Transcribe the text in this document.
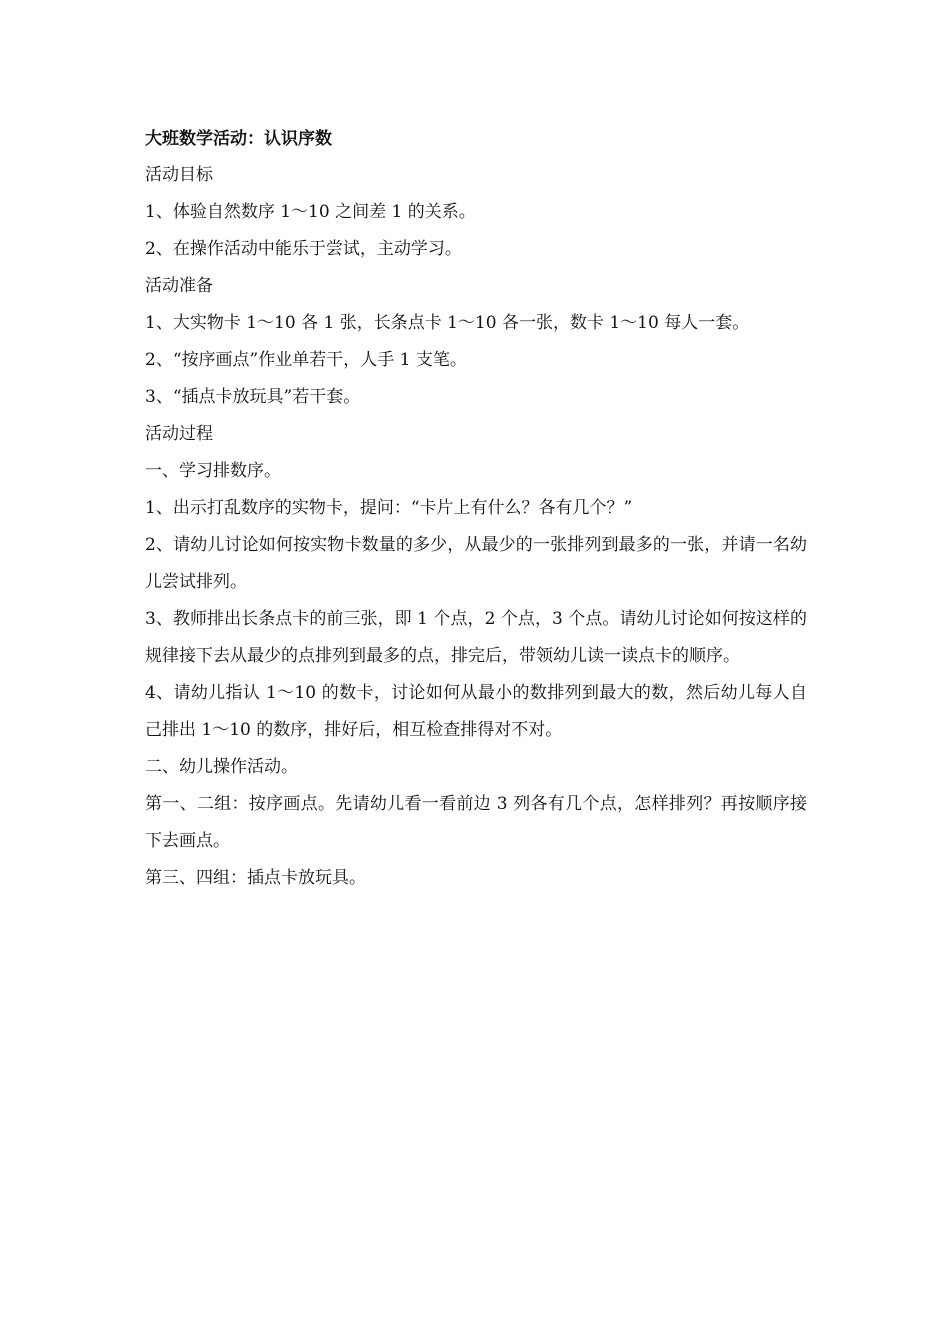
大班数学活动：认识序数

活动目标

1、体验自然数序 1～10 之间差 1 的关系。

2、在操作活动中能乐于尝试，主动学习。

活动准备

1、大实物卡 1～10 各 1 张，长条点卡 1～10 各一张，数卡 1～10 每人一套。

2、“按序画点”作业单若干，人手 1 支笔。

3、“插点卡放玩具”若干套。

活动过程

一、学习排数序。

1、出示打乱数序的实物卡，提问：“卡片上有什么？各有几个？”

2、请幼儿讨论如何按实物卡数量的多少，从最少的一张排列到最多的一张，并请一名幼儿尝试排列。

3、教师排出长条点卡的前三张，即 1 个点，2 个点，3 个点。请幼儿讨论如何按这样的规律接下去从最少的点排列到最多的点，排完后，带领幼儿读一读点卡的顺序。

4、请幼儿指认 1～10 的数卡，讨论如何从最小的数排列到最大的数，然后幼儿每人自己排出 1～10 的数序，排好后，相互检查排得对不对。

二、幼儿操作活动。

第一、二组：按序画点。先请幼儿看一看前边 3 列各有几个点，怎样排列？再按顺序接下去画点。

第三、四组：插点卡放玩具。
